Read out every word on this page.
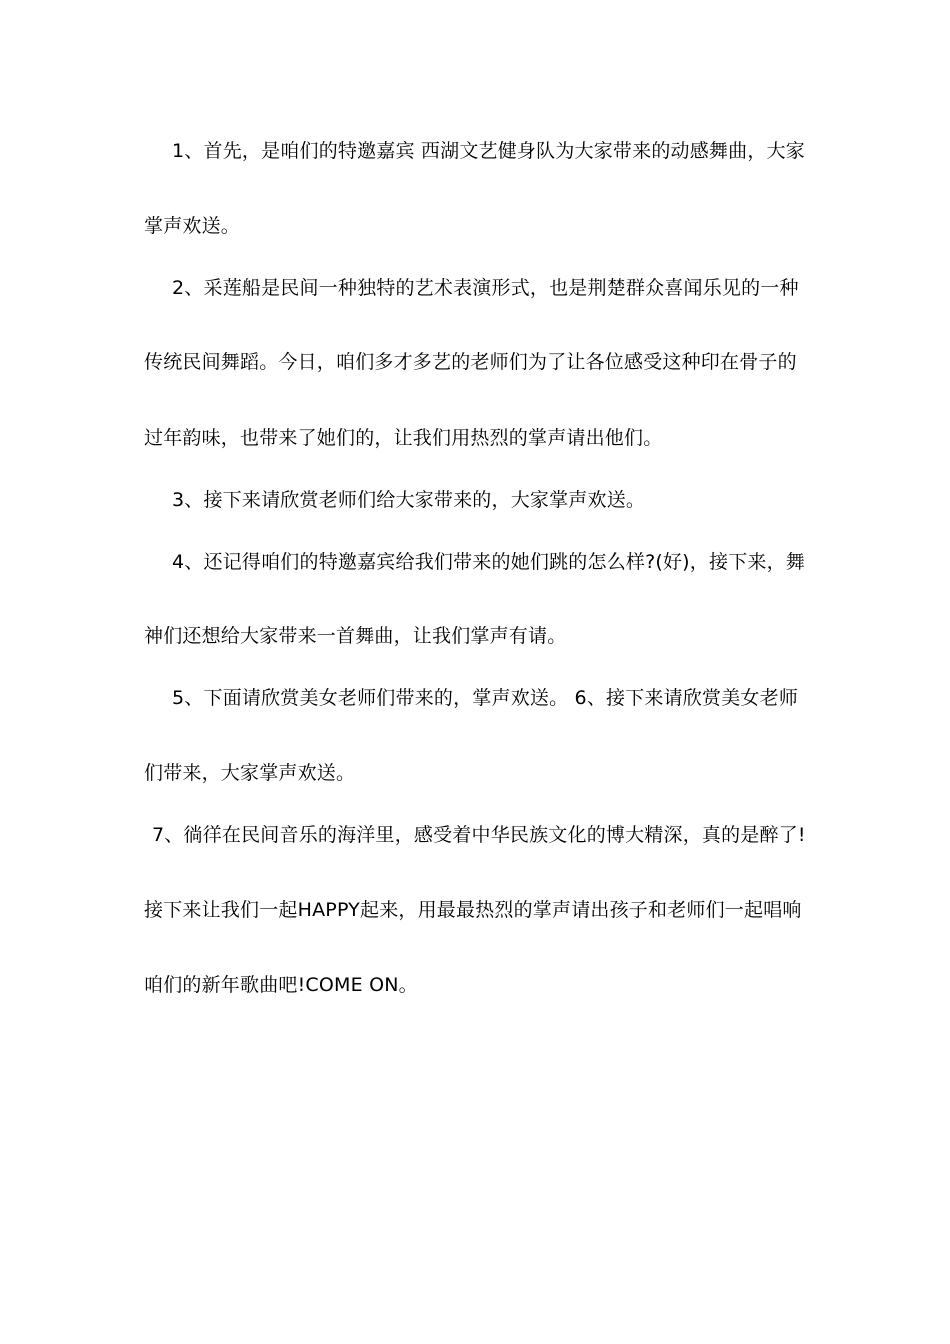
1、首先，是咱们的特邀嘉宾 西湖文艺健身队为大家带来的动感舞曲，大家
掌声欢送。
2、采莲船是民间一种独特的艺术表演形式，也是荆楚群众喜闻乐见的一种
传统民间舞蹈。今日，咱们多才多艺的老师们为了让各位感受这种印在骨子的
过年韵味，也带来了她们的，让我们用热烈的掌声请出他们。
3、接下来请欣赏老师们给大家带来的，大家掌声欢送。
4、还记得咱们的特邀嘉宾给我们带来的她们跳的怎么样?(好)，接下来，舞
神们还想给大家带来一首舞曲，让我们掌声有请。
5、下面请欣赏美女老师们带来的，掌声欢送。 6、接下来请欣赏美女老师
们带来，大家掌声欢送。
7、徜徉在民间音乐的海洋里，感受着中华民族文化的博大精深，真的是醉了!
接下来让我们一起HAPPY起来，用最最热烈的掌声请出孩子和老师们一起唱响
咱们的新年歌曲吧!COME ON。
